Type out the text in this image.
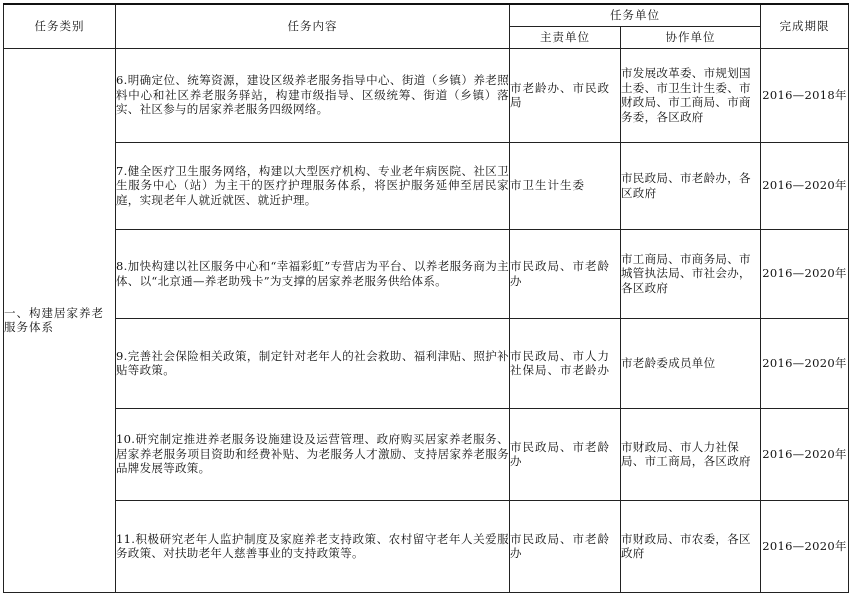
任务类别	任务内容	任务单位		完成期限
		主责单位	协作单位	
一、构建居家养老服务体系	6.明确定位、统筹资源，建设区级养老服务指导中心、街道（乡镇）养老照料中心和社区养老服务驿站，构建市级指导、区级统筹、街道（乡镇）落实、社区参与的居家养老服务四级网络。	市老龄办、市民政局	市发展改革委、市规划国土委、市卫生计生委、市财政局、市工商局、市商务委，各区政府	2016—2018年

	7.健全医疗卫生服务网络，构建以大型医疗机构、专业老年病医院、社区卫生服务中心（站）为主干的医疗护理服务体系，将医护服务延伸至居民家庭，实现老年人就近就医、就近护理。	市卫生计生委	市民政局、市老龄办，各区政府	2016—2020年

	8.加快构建以社区服务中心和“幸福彩虹”专营店为平台、以养老服务商为主体、以“北京通—养老助残卡”为支撑的居家养老服务供给体系。	市民政局、市老龄办	市工商局、市商务局、市城管执法局、市社会办，各区政府	2016—2020年

	9.完善社会保险相关政策，制定针对老年人的社会救助、福利津贴、照护补贴等政策。	市民政局、市人力社保局、市老龄办	市老龄委成员单位	2016—2020年

	10.研究制定推进养老服务设施建设及运营管理、政府购买居家养老服务、居家养老服务项目资助和经费补贴、为老服务人才激励、支持居家养老服务品牌发展等政策。	市民政局、市老龄办	市财政局、市人力社保局、市工商局，各区政府	2016—2020年

	11.积极研究老年人监护制度及家庭养老支持政策、农村留守老年人关爱服务政策、对扶助老年人慈善事业的支持政策等。	市民政局、市老龄办	市财政局、市农委，各区政府	2016—2020年
